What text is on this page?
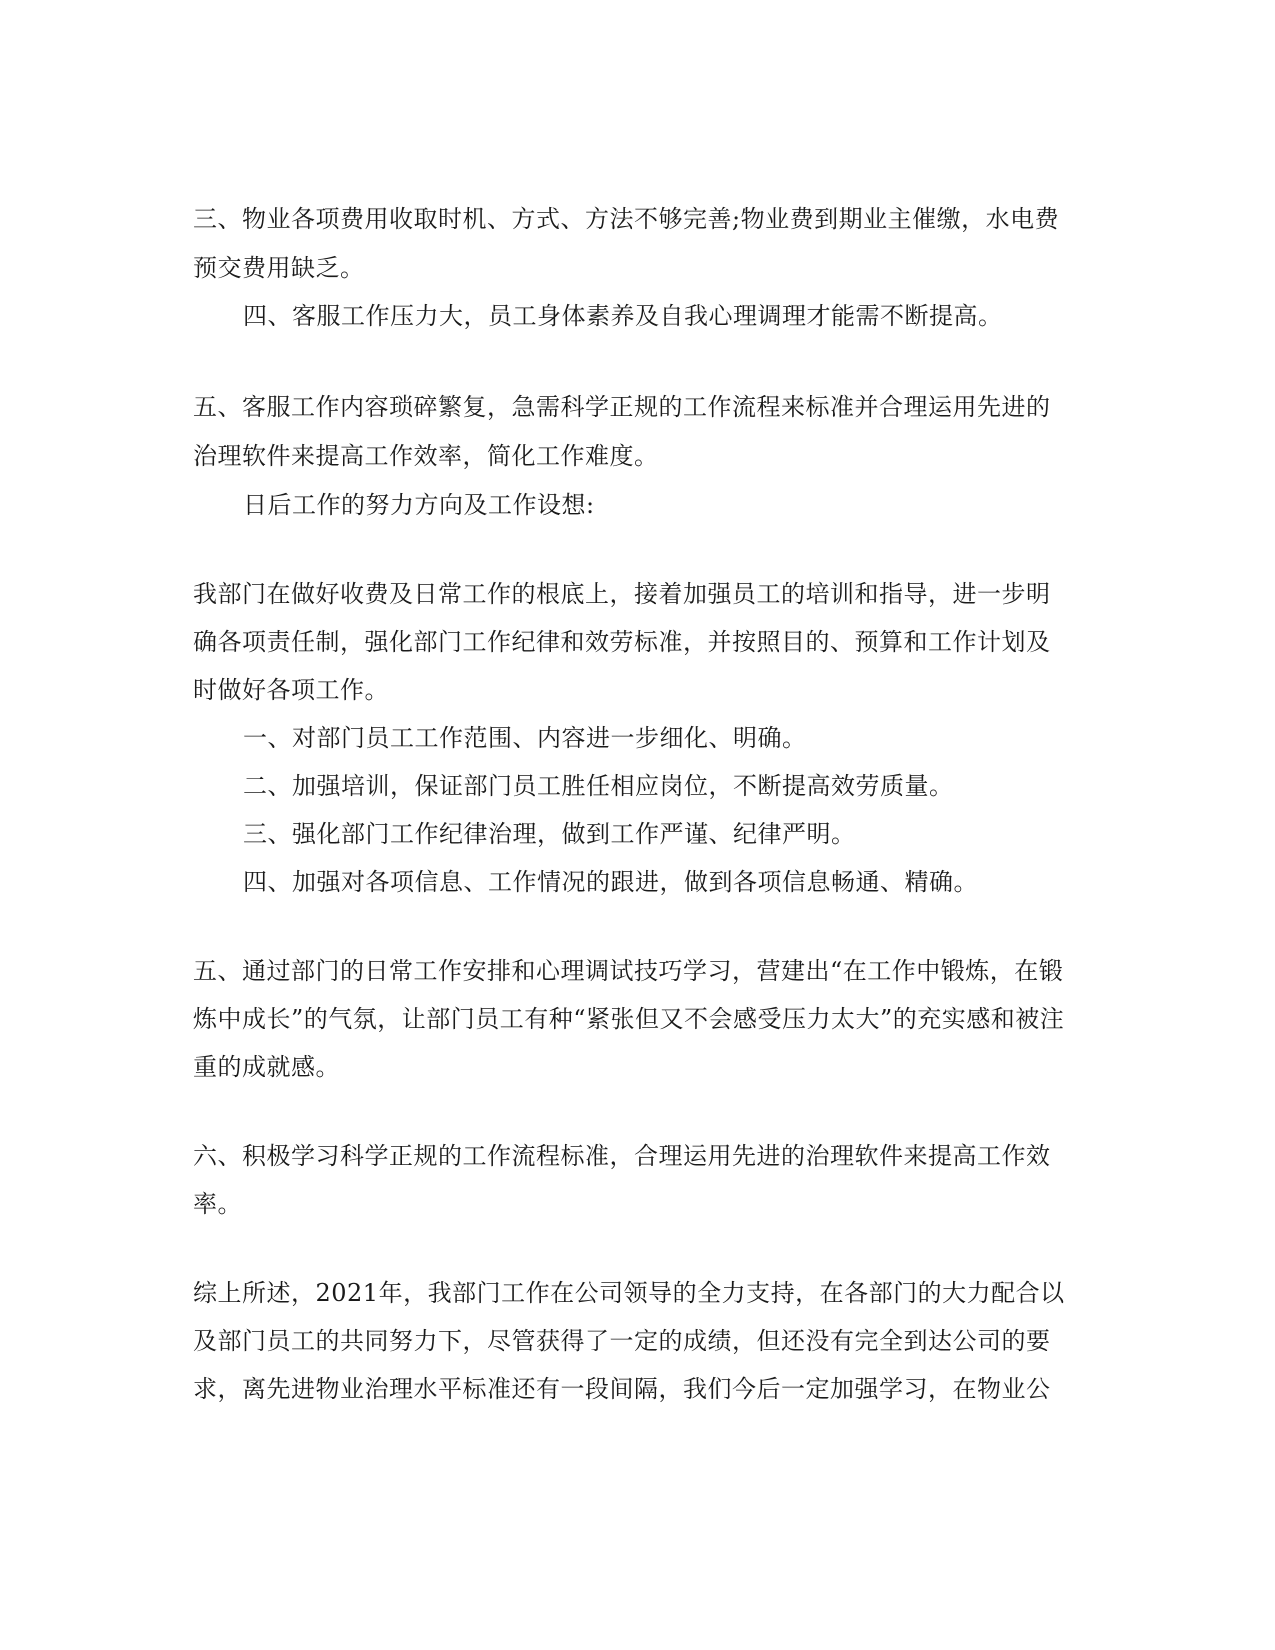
三、物业各项费用收取时机、方式、方法不够完善;物业费到期业主催缴，水电费
预交费用缺乏。
四、客服工作压力大，员工身体素养及自我心理调理才能需不断提高。
五、客服工作内容琐碎繁复，急需科学正规的工作流程来标准并合理运用先进的
治理软件来提高工作效率，简化工作难度。
日后工作的努力方向及工作设想:
我部门在做好收费及日常工作的根底上，接着加强员工的培训和指导，进一步明
确各项责任制，强化部门工作纪律和效劳标准，并按照目的、预算和工作计划及
时做好各项工作。
一、对部门员工工作范围、内容进一步细化、明确。
二、加强培训，保证部门员工胜任相应岗位，不断提高效劳质量。
三、强化部门工作纪律治理，做到工作严谨、纪律严明。
四、加强对各项信息、工作情况的跟进，做到各项信息畅通、精确。
五、通过部门的日常工作安排和心理调试技巧学习，营建出“在工作中锻炼，在锻
炼中成长”的气氛，让部门员工有种“紧张但又不会感受压力太大”的充实感和被注
重的成就感。
六、积极学习科学正规的工作流程标准，合理运用先进的治理软件来提高工作效
率。
综上所述，2021年，我部门工作在公司领导的全力支持，在各部门的大力配合以
及部门员工的共同努力下，尽管获得了一定的成绩，但还没有完全到达公司的要
求，离先进物业治理水平标准还有一段间隔，我们今后一定加强学习，在物业公
